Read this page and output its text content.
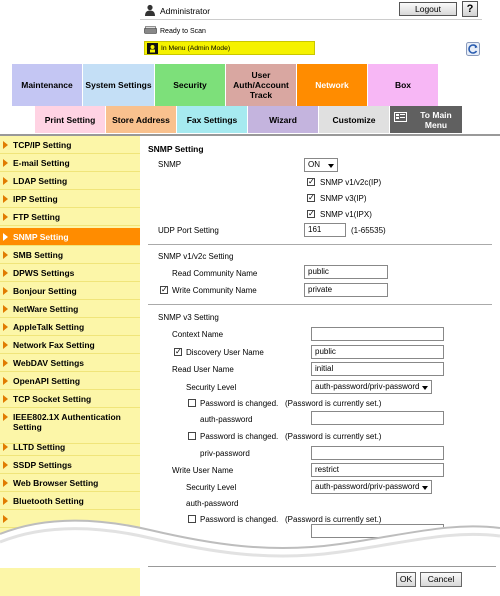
Administrator	Logout	?
Ready to Scan
In Menu (Admin Mode)
Maintenance System Settings	Security
User Auth/Account Track
Network	Box
Print Setting Store Address Fax Settings	Wizard	Customize	To Main Menu
TCP/IP Setting
E-mail Setting
LDAP Setting
IPP Setting
FTP Setting
SNMP Setting
SMB Setting
DPWS Settings
Bonjour Setting
NetWare Setting
AppleTalk Setting
Network Fax Setting
WebDAV Settings
OpenAPI Setting
TCP Socket Setting
IEEE802.1X Authentication Setting
LLTD Setting
SSDP Settings
Web Browser Setting
Bluetooth Setting
SNMP Setting
SNMP	ON
✓ SNMP v1/v2c(IP)
✓ SNMP v3(IP)
✓ SNMP v1(IPX)
UDP Port Setting	161	(1-65535)
SNMP v1/v2c Setting
Read Community Name	public
✓ Write Community Name	private
SNMP v3 Setting
Context Name
✓ Discovery User Name	public
Read User Name	initial
Security Level	auth-password/priv-password
Password is changed. (Password is currently set.)
auth-password
Password is changed. (Password is currently set.)
priv-password
Write User Name	restrict
Security Level	auth-password/priv-password
auth-password
Password is changed. (Password is currently set.)
OK	Cancel
